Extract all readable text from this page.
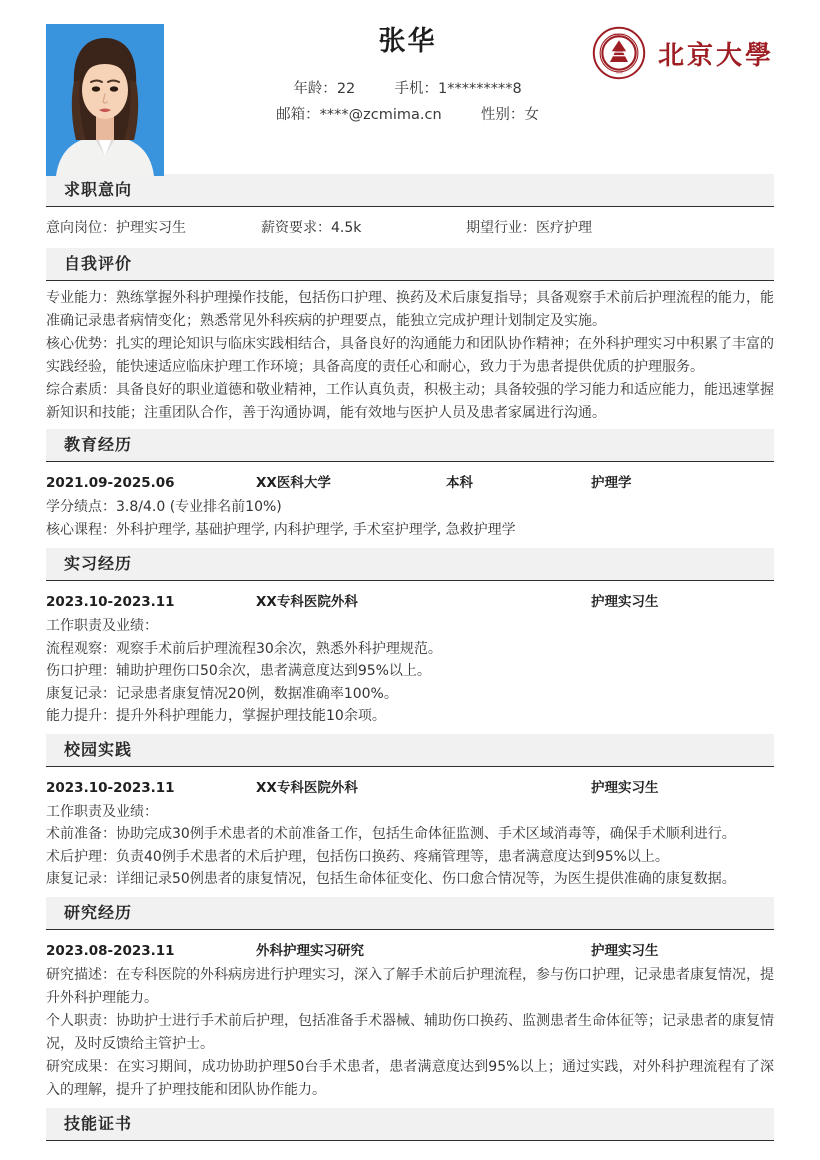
张华
年龄：22	手机：1*********8
邮箱：****@zcmima.cn	性别：女
PEKING
1898
北京大學
求职意向
意向岗位：护理实习生	薪资要求：4.5k	期望行业：医疗护理
自我评价

专业能力：熟练掌握外科护理操作技能，包括伤口护理、换药及术后康复指导；具备观察手术前后护理流程的能力，能准确记录患者病情变化；熟悉常见外科疾病的护理要点，能独立完成护理计划制定及实施。

核心优势：扎实的理论知识与临床实践相结合，具备良好的沟通能力和团队协作精神；在外科护理实习中积累了丰富的实践经验，能快速适应临床护理工作环境；具备高度的责任心和耐心，致力于为患者提供优质的护理服务。

综合素质：具备良好的职业道德和敬业精神，工作认真负责，积极主动；具备较强的学习能力和适应能力，能迅速掌握新知识和技能；注重团队合作，善于沟通协调，能有效地与医护人员及患者家属进行沟通。

教育经历
2021.09-2025.06	XX医科大学	本科	护理学

学分绩点：3.8/4.0 (专业排名前10%)

核心课程：外科护理学, 基础护理学, 内科护理学, 手术室护理学, 急救护理学

实习经历
2023.10-2023.11	XX专科医院外科	护理实习生

工作职责及业绩：

流程观察：观察手术前后护理流程30余次，熟悉外科护理规范。

伤口护理：辅助护理伤口50余次，患者满意度达到95%以上。

康复记录：记录患者康复情况20例，数据准确率100%。

能力提升：提升外科护理能力，掌握护理技能10余项。

校园实践
2023.10-2023.11	XX专科医院外科	护理实习生

工作职责及业绩：

术前准备：协助完成30例手术患者的术前准备工作，包括生命体征监测、手术区域消毒等，确保手术顺利进行。

术后护理：负责40例手术患者的术后护理，包括伤口换药、疼痛管理等，患者满意度达到95%以上。

康复记录：详细记录50例患者的康复情况，包括生命体征变化、伤口愈合情况等，为医生提供准确的康复数据。

研究经历
2023.08-2023.11	外科护理实习研究	护理实习生

研究描述：在专科医院的外科病房进行护理实习，深入了解手术前后护理流程，参与伤口护理，记录患者康复情况，提升外科护理能力。

个人职责：协助护士进行手术前后护理，包括准备手术器械、辅助伤口换药、监测患者生命体征等；记录患者的康复情况，及时反馈给主管护士。

研究成果：在实习期间，成功协助护理50台手术患者，患者满意度达到95%以上；通过实践，对外科护理流程有了深入的理解，提升了护理技能和团队协作能力。

技能证书
